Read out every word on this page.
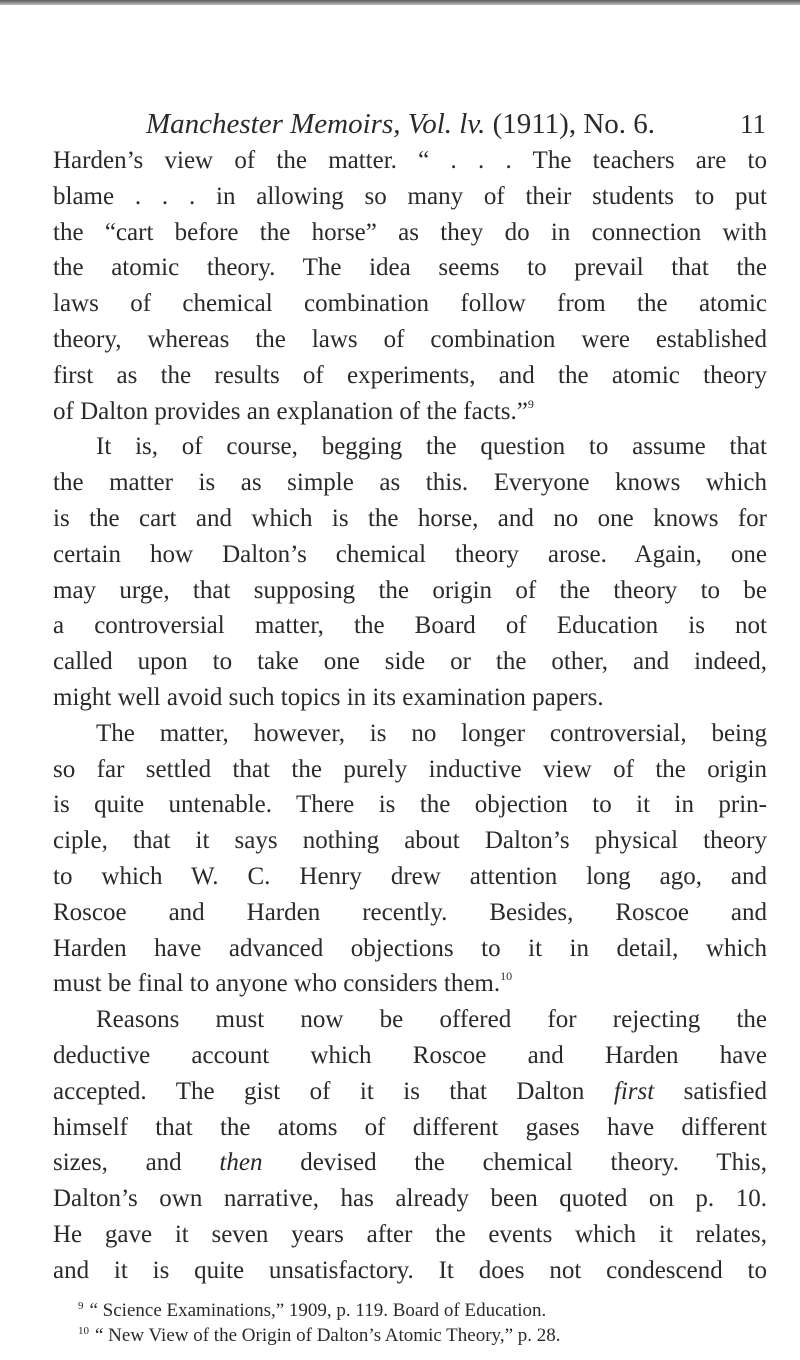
Manchester Memoirs, Vol. lv. (1911), No. 6.	11
Harden’s view of the matter. “ . . . The teachers are to
blame . . . in allowing so many of their students to put
the “cart before the horse” as they do in connection with
the atomic theory. The idea seems to prevail that the
laws of chemical combination follow from the atomic
theory, whereas the laws of combination were established
first as the results of experiments, and the atomic theory
of Dalton provides an explanation of the facts.”$^9$
It is, of course, begging the question to assume that
the matter is as simple as this. Everyone knows which
is the cart and which is the horse, and no one knows for
certain how Dalton’s chemical theory arose. Again, one
may urge, that supposing the origin of the theory to be
a controversial matter, the Board of Education is not
called upon to take one side or the other, and indeed,
might well avoid such topics in its examination papers.
The matter, however, is no longer controversial, being
so far settled that the purely inductive view of the origin
is quite untenable. There is the objection to it in prin-
ciple, that it says nothing about Dalton’s physical theory
to which W. C. Henry drew attention long ago, and
Roscoe and Harden recently. Besides, Roscoe and
Harden have advanced objections to it in detail, which
must be final to anyone who considers them.$^{10}$
Reasons must now be offered for rejecting the
deductive account which Roscoe and Harden have
accepted. The gist of it is that Dalton first satisfied
himself that the atoms of different gases have different
sizes, and then devised the chemical theory. This,
Dalton’s own narrative, has already been quoted on p. 10.
He gave it seven years after the events which it relates,
and it is quite unsatisfactory. It does not condescend to
$^9$ “ Science Examinations,” 1909, p. 119. Board of Education.
$^{10}$ “ New View of the Origin of Dalton’s Atomic Theory,” p. 28.
